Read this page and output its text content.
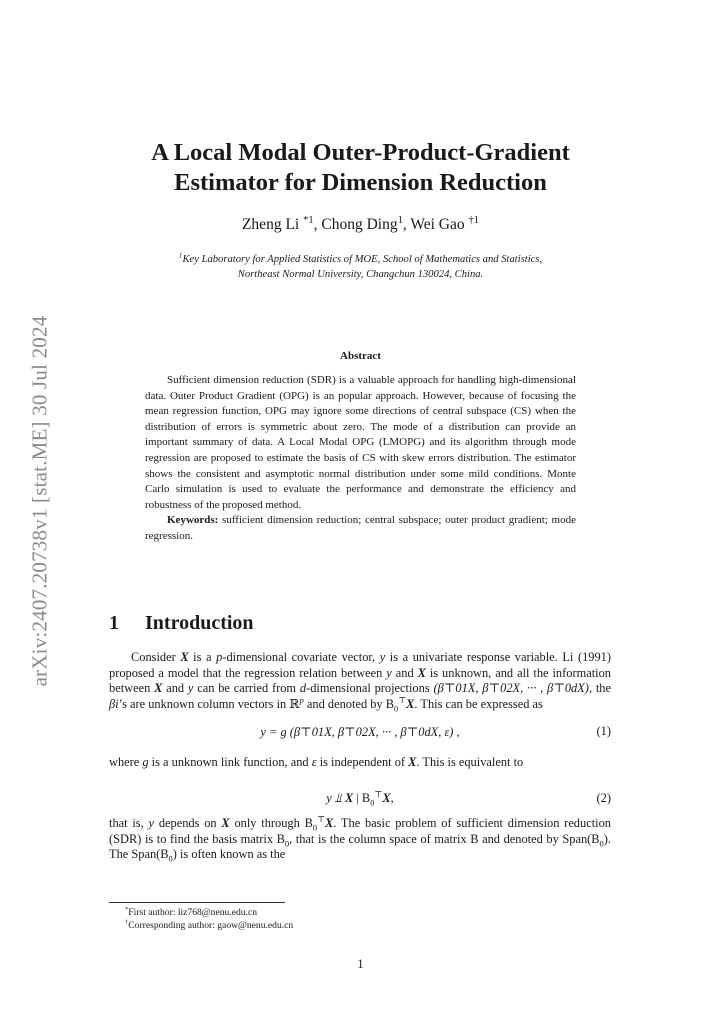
arXiv:2407.20738v1 [stat.ME] 30 Jul 2024
A Local Modal Outer-Product-Gradient
Estimator for Dimension Reduction
Zheng Li $^{*1}$, Chong Ding$^1$, Wei Gao $^{\dagger 1}$
$^1$Key Laboratory for Applied Statistics of MOE, School of Mathematics and Statistics,
Northeast Normal University, Changchun 130024, China.
Abstract

Sufficient dimension reduction (SDR) is a valuable approach for handling high-dimensional data. Outer Product Gradient (OPG) is an popular approach. However, because of focusing the mean regression function, OPG may ignore some directions of central subspace (CS) when the distribution of errors is symmetric about zero. The mode of a distribution can provide an important summary of data. A Local Modal OPG (LMOPG) and its algorithm through mode regression are proposed to estimate the basis of CS with skew errors distribution. The estimator shows the consistent and asymptotic normal distribution under some mild conditions. Monte Carlo simulation is used to evaluate the performance and demonstrate the efficiency and robustness of the proposed method.

Keywords: sufficient dimension reduction; central subspace; outer product gradient; mode regression.

1 Introduction

Consider X is a p-dimensional covariate vector, y is a univariate response variable. Li (1991) proposed a model that the regression relation between y and X is unknown, and all the information between X and y can be carried from d-dimensional projections (β⊤01X, β⊤02X, ··· , β⊤0dX), the βi’s are unknown column vectors in ℝ$^p$ and denoted by $B_0^⊤X$. This can be expressed as

y = g (β⊤01X, β⊤02X, ··· , β⊤0dX, ε) ,	(1)

where g is a unknown link function, and ε is independent of X. This is equivalent to

y ⫫ X | $B_0^⊤X$,	(2)

that is, y depends on X only through $B_0^⊤X$. The basic problem of sufficient dimension reduction (SDR) is to find the basis matrix $B_0$, that is the column space of matrix B and denoted by $Span(B_0)$. The $Span(B_0)$ is often known as the

*First author: liz768@nenu.edu.cn

†Corresponding author: gaow@nenu.edu.cn

1
